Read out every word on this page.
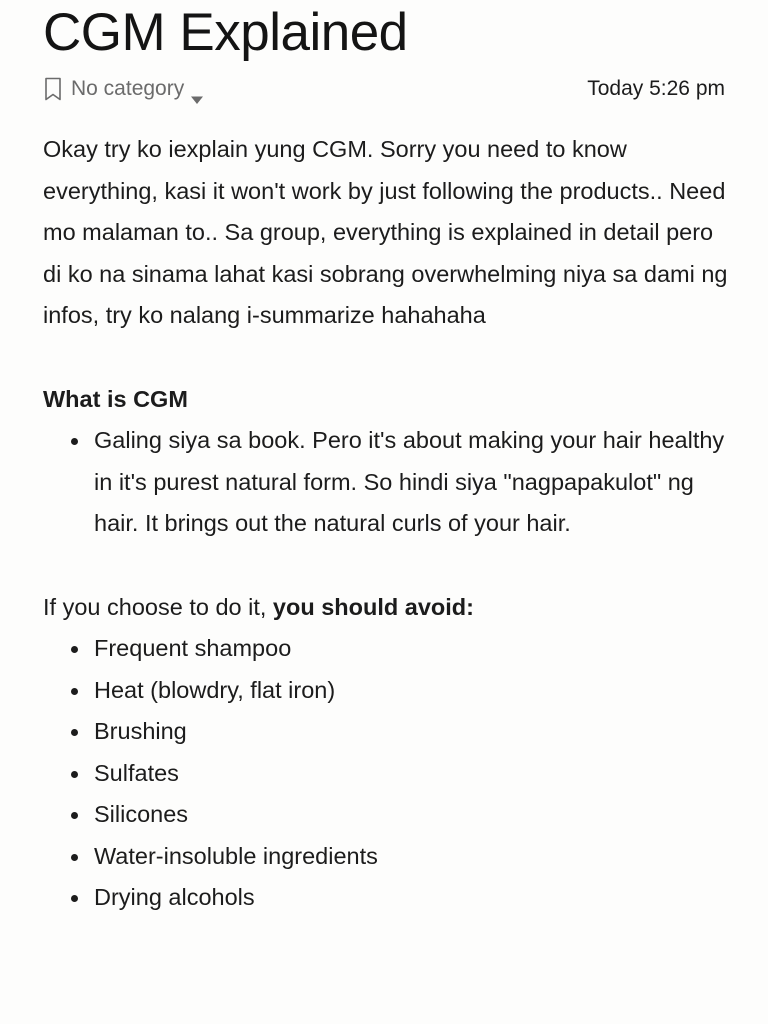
CGM Explained
No category	Today 5:26 pm

Okay try ko iexplain yung CGM. Sorry you need to know everything, kasi it won't work by just following the products.. Need mo malaman to.. Sa group, everything is explained in detail pero di ko na sinama lahat kasi sobrang overwhelming niya sa dami ng infos, try ko nalang i-summarize hahahaha

What is CGM

Galing siya sa book. Pero it's about making your hair healthy in it's purest natural form. So hindi siya "nagpapakulot" ng hair. It brings out the natural curls of your hair.

If you choose to do it, you should avoid:

Frequent shampoo
Heat (blowdry, flat iron)
Brushing
Sulfates
Silicones
Water-insoluble ingredients
Drying alcohols
